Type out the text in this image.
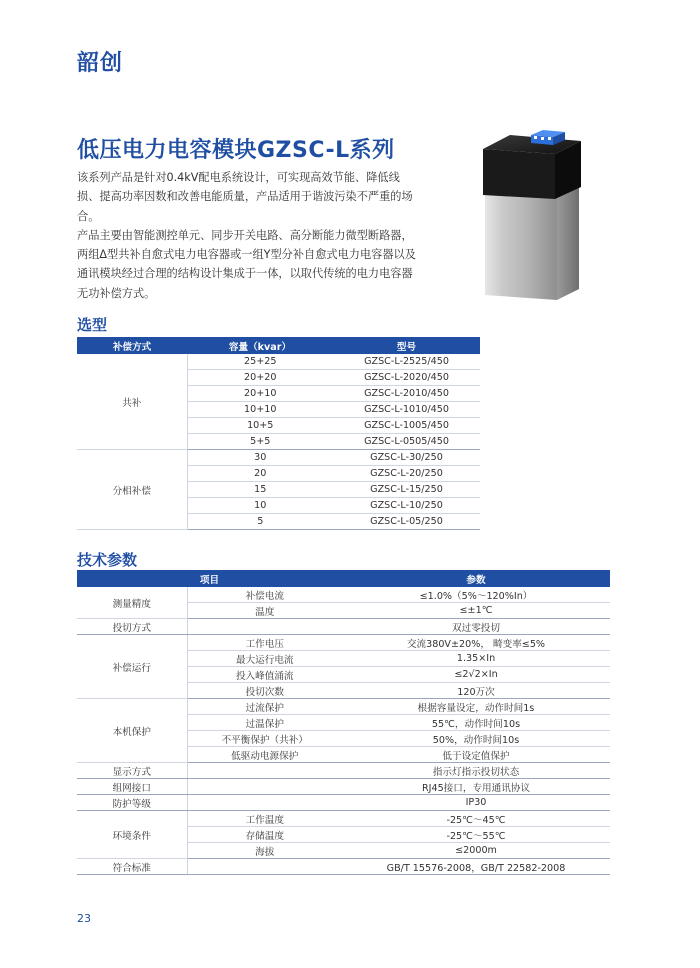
韶创
低压电力电容模块GZSC-L系列

该系列产品是针对0.4kV配电系统设计，可实现高效节能、降低线损、提高功率因数和改善电能质量，产品适用于谐波污染不严重的场合。

产品主要由智能测控单元、同步开关电路、高分断能力微型断路器，两组Δ型共补自愈式电力电容器或一组Y型分补自愈式电力电容器以及通讯模块经过合理的结构设计集成于一体，以取代传统的电力电容器无功补偿方式。

选型
补偿方式	容量（kvar）	型号
共补	25+25	GZSC-L-2525/450
	20+20	GZSC-L-2020/450
	20+10	GZSC-L-2010/450
	10+10	GZSC-L-1010/450
	10+5	GZSC-L-1005/450
	5+5	GZSC-L-0505/450
分相补偿	30	GZSC-L-30/250
	20	GZSC-L-20/250
	15	GZSC-L-15/250
	10	GZSC-L-10/250
	5	GZSC-L-05/250
技术参数
项目		参数
测量精度	补偿电流	≤1.0%（5%～120%In）
	温度	≤±1℃
投切方式		双过零投切
补偿运行	工作电压	交流380V±20%， 畸变率≤5%
	最大运行电流	1.35×In
	投入峰值涌流	≤2√2×In
	投切次数	120万次
本机保护	过流保护	根据容量设定，动作时间1s
	过温保护	55℃，动作时间10s
	不平衡保护（共补）	50%，动作时间10s
	低驱动电源保护	低于设定值保护
显示方式		指示灯指示投切状态
组网接口		RJ45接口，专用通讯协议
防护等级		IP30
环境条件	工作温度	-25℃～45℃
	存储温度	-25℃～55℃
	海拔	≤2000m
符合标准		GB/T 15576-2008，GB/T 22582-2008
23
